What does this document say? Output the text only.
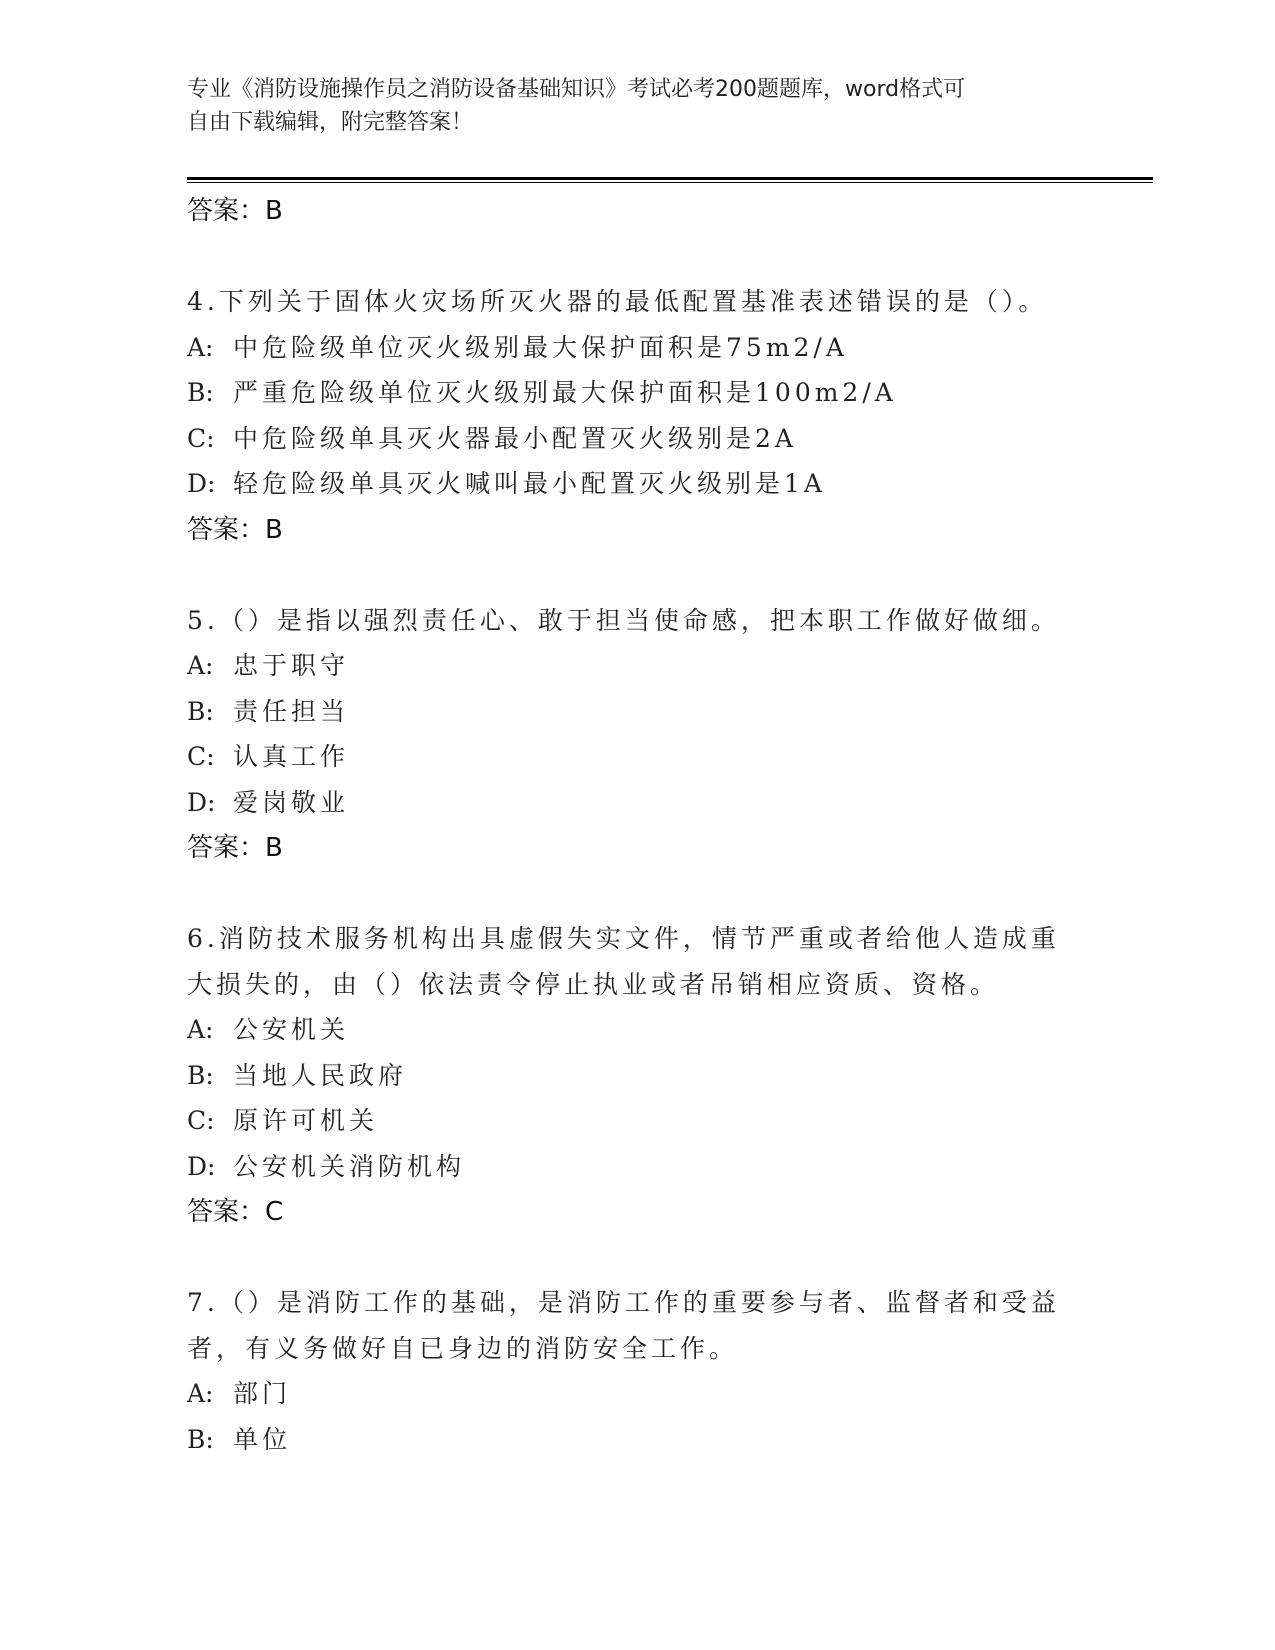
专业《消防设施操作员之消防设备基础知识》考试必考200题题库，word格式可
自由下载编辑，附完整答案！
答案：B
4.下列关于固体火灾场所灭火器的最低配置基准表述错误的是（）。
A: 中危险级单位灭火级别最大保护面积是75m2/A
B: 严重危险级单位灭火级别最大保护面积是100m2/A
C: 中危险级单具灭火器最小配置灭火级别是2A
D: 轻危险级单具灭火喊叫最小配置灭火级别是1A
答案：B
5.（）是指以强烈责任心、敢于担当使命感，把本职工作做好做细。
A: 忠于职守
B: 责任担当
C: 认真工作
D: 爱岗敬业
答案：B
6.消防技术服务机构出具虚假失实文件，情节严重或者给他人造成重
大损失的，由（）依法责令停止执业或者吊销相应资质、资格。
A: 公安机关
B: 当地人民政府
C: 原许可机关
D: 公安机关消防机构
答案：C
7.（）是消防工作的基础，是消防工作的重要参与者、监督者和受益
者，有义务做好自已身边的消防安全工作。
A: 部门
B: 单位
